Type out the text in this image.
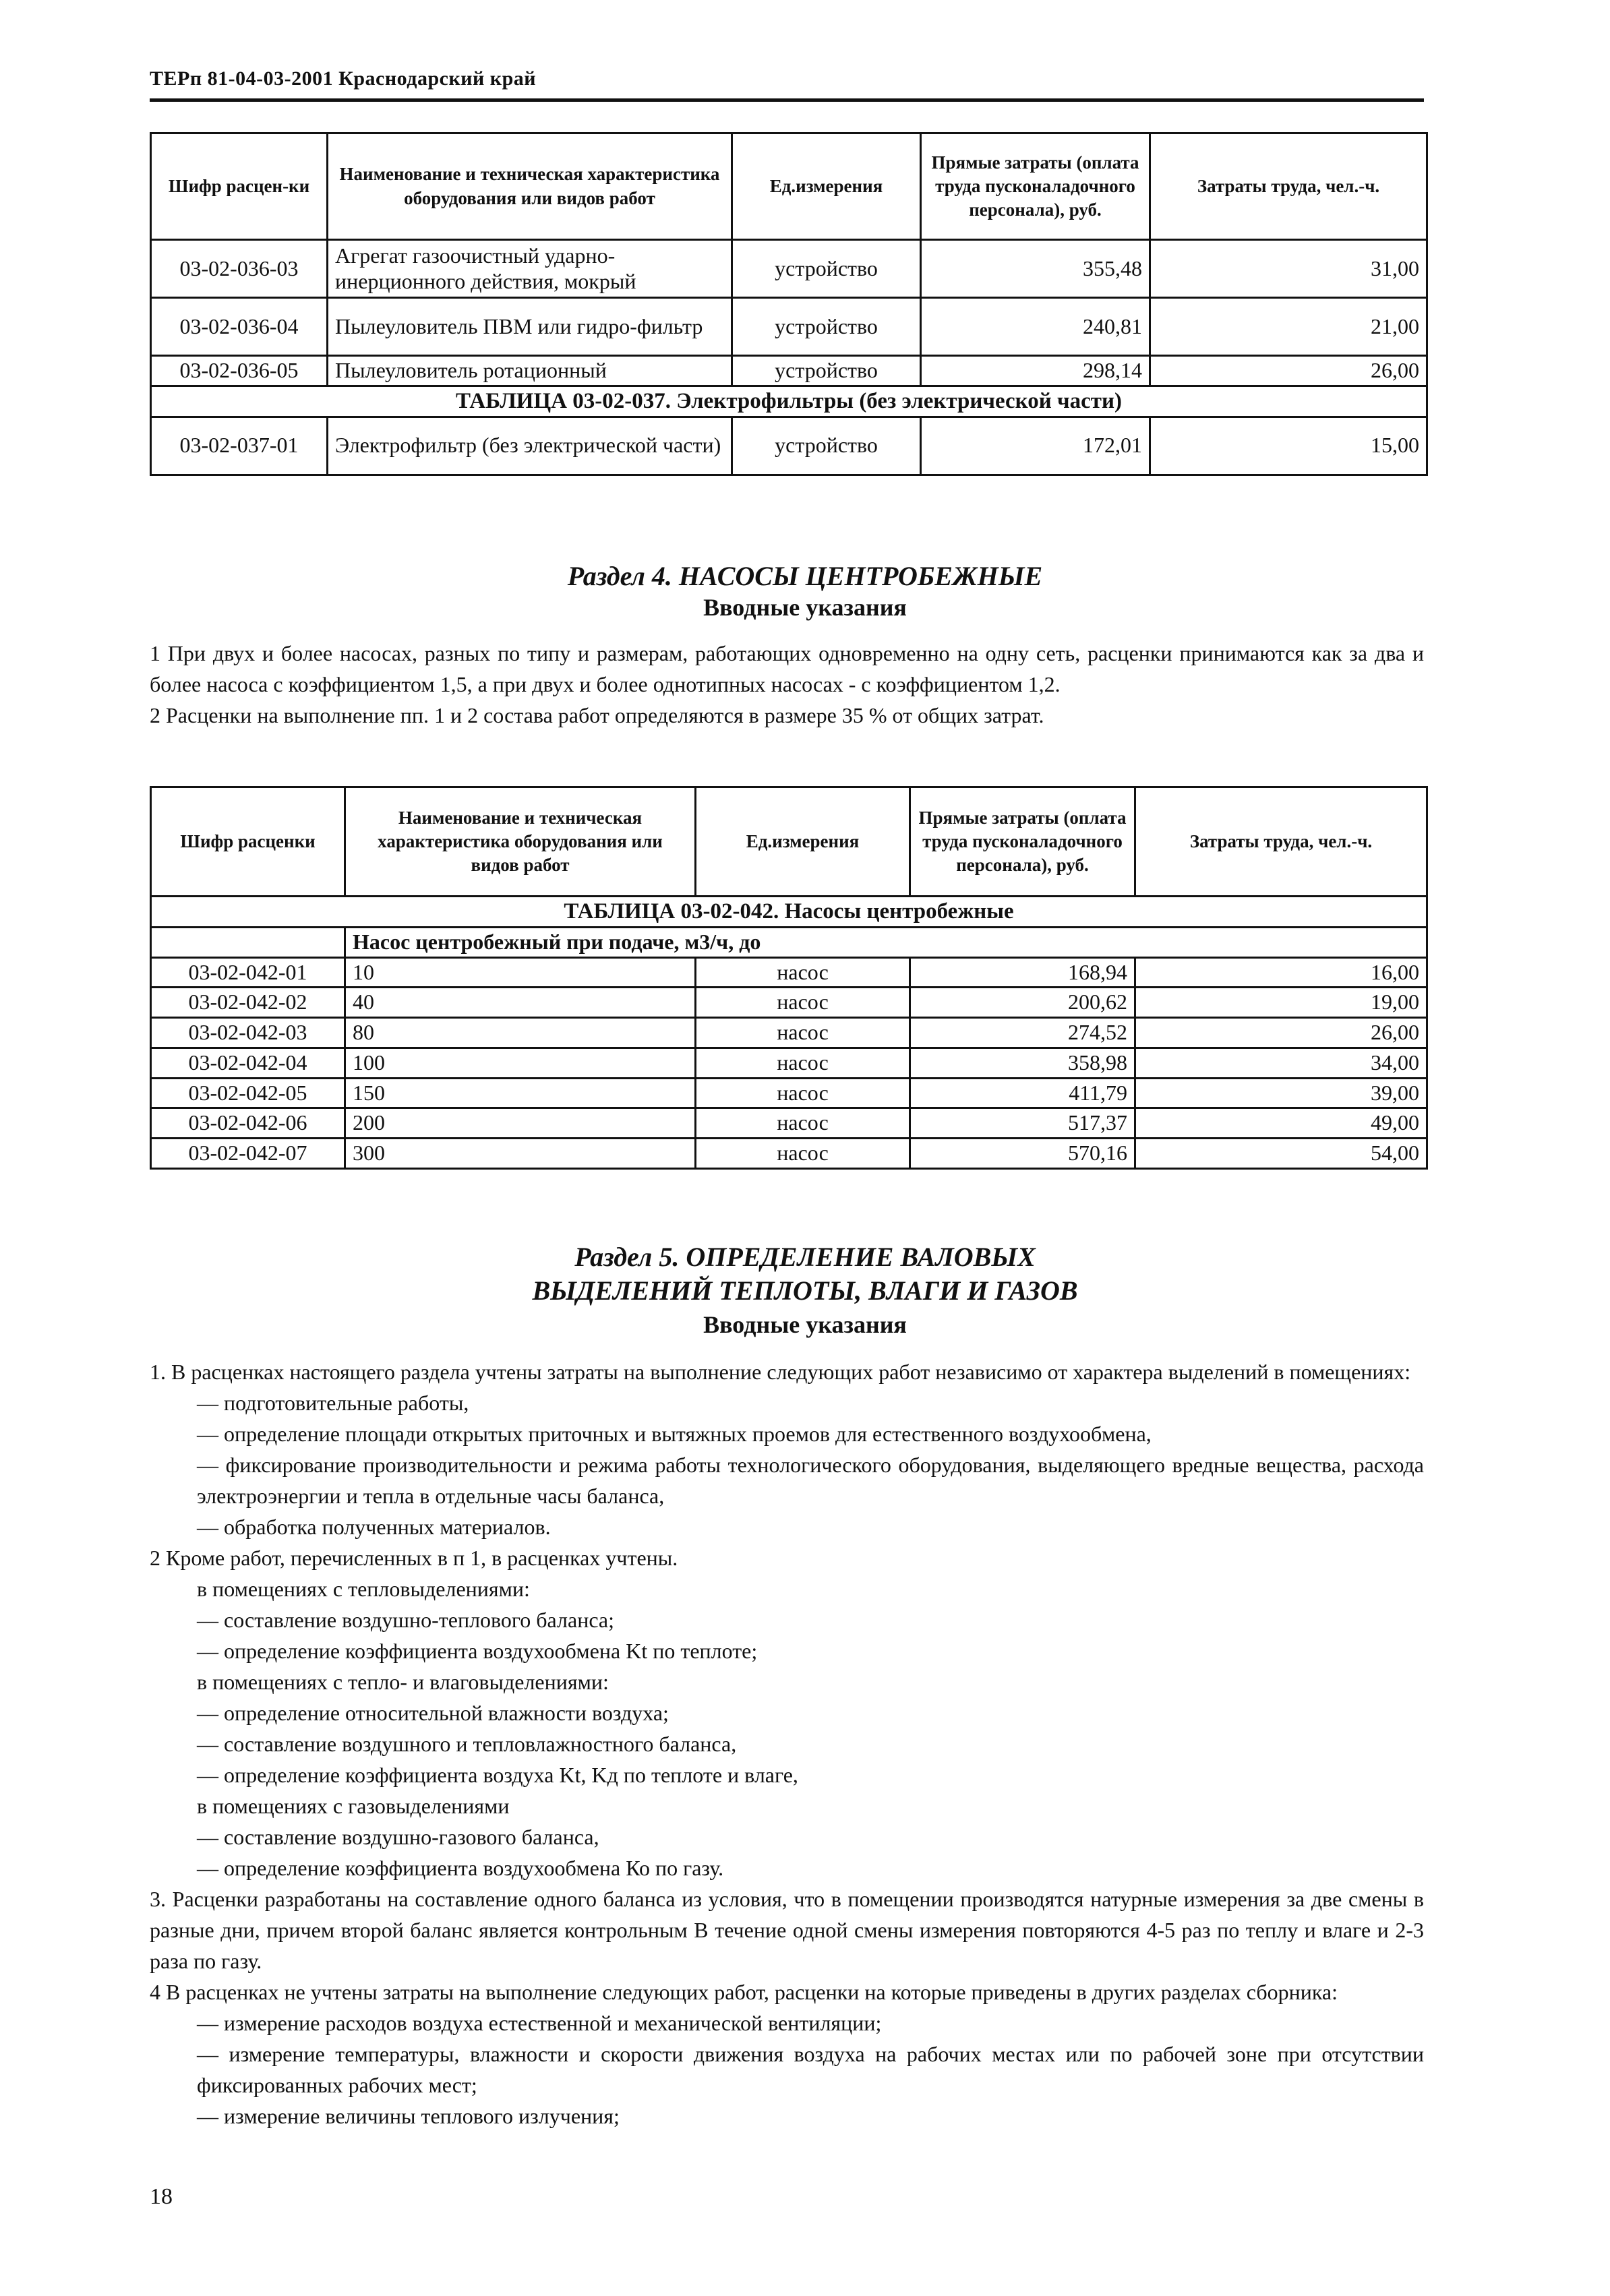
ТЕРп 81-04-03-2001 Краснодарский край
Шифр расцен-ки	Наименование и техническая характеристика оборудования или видов работ	Ед.измерения	Прямые затраты (оплата труда пусконаладочного персонала), руб.	Затраты труда, чел.-ч.
03-02-036-03	Агрегат газоочистный ударно-инерционного действия, мокрый	устройство	355,48	31,00
03-02-036-04	Пылеуловитель ПВМ или гидро-фильтр	устройство	240,81	21,00
03-02-036-05	Пылеуловитель ротационный	устройство	298,14	26,00
ТАБЛИЦА 03-02-037. Электрофильтры (без электрической части)				
03-02-037-01	Электрофильтр (без электрической части)	устройство	172,01	15,00
Раздел 4. НАСОСЫ ЦЕНТРОБЕЖНЫЕ
Вводные указания

1 При двух и более насосах, разных по типу и размерам, работающих одновременно на одну сеть, расценки принимаются как за два и более насоса с коэффициентом 1,5, а при двух и более однотипных насосах - с коэффициентом 1,2.

2 Расценки на выполнение пп. 1 и 2 состава работ определяются в размере 35 % от общих затрат.

Шифр расценки	Наименование и техническая характеристика оборудования или видов работ	Ед.измерения	Прямые затраты (оплата труда пусконаладочного персонала), руб.	Затраты труда, чел.-ч.
ТАБЛИЦА 03-02-042. Насосы центробежные				
	Насос центробежный при подаче, м3/ч, до			
03-02-042-01	10	насос	168,94	16,00
03-02-042-02	40	насос	200,62	19,00
03-02-042-03	80	насос	274,52	26,00
03-02-042-04	100	насос	358,98	34,00
03-02-042-05	150	насос	411,79	39,00
03-02-042-06	200	насос	517,37	49,00
03-02-042-07	300	насос	570,16	54,00
Раздел 5. ОПРЕДЕЛЕНИЕ ВАЛОВЫХ
ВЫДЕЛЕНИЙ ТЕПЛОТЫ, ВЛАГИ И ГАЗОВ
Вводные указания

1. В расценках настоящего раздела учтены затраты на выполнение следующих работ независимо от характера выделений в помещениях:

— подготовительные работы,

— определение площади открытых приточных и вытяжных проемов для естественного воздухообмена,

— фиксирование производительности и режима работы технологического оборудования, выделяющего вредные вещества, расхода электроэнергии и тепла в отдельные часы баланса,

— обработка полученных материалов.

2 Кроме работ, перечисленных в п 1, в расценках учтены.

в помещениях с тепловыделениями:

— составление воздушно-теплового баланса;

— определение коэффициента воздухообмена Kt по теплоте;

в помещениях с тепло- и влаговыделениями:

— определение относительной влажности воздуха;

— составление воздушного и тепловлажностного баланса,

— определение коэффициента воздуха Kt, Kд по теплоте и влаге,

в помещениях с газовыделениями

— составление воздушно-газового баланса,

— определение коэффициента воздухообмена Ко по газу.

3. Расценки разработаны на составление одного баланса из условия, что в помещении производятся натурные измерения за две смены в разные дни, причем второй баланс является контрольным В течение одной смены измерения повторяются 4-5 раз по теплу и влаге и 2-3 раза по газу.

4 В расценках не учтены затраты на выполнение следующих работ, расценки на которые приведены в других разделах сборника:

— измерение расходов воздуха естественной и механической вентиляции;

— измерение температуры, влажности и скорости движения воздуха на рабочих местах или по рабочей зоне при отсутствии фиксированных рабочих мест;

— измерение величины теплового излучения;

18
